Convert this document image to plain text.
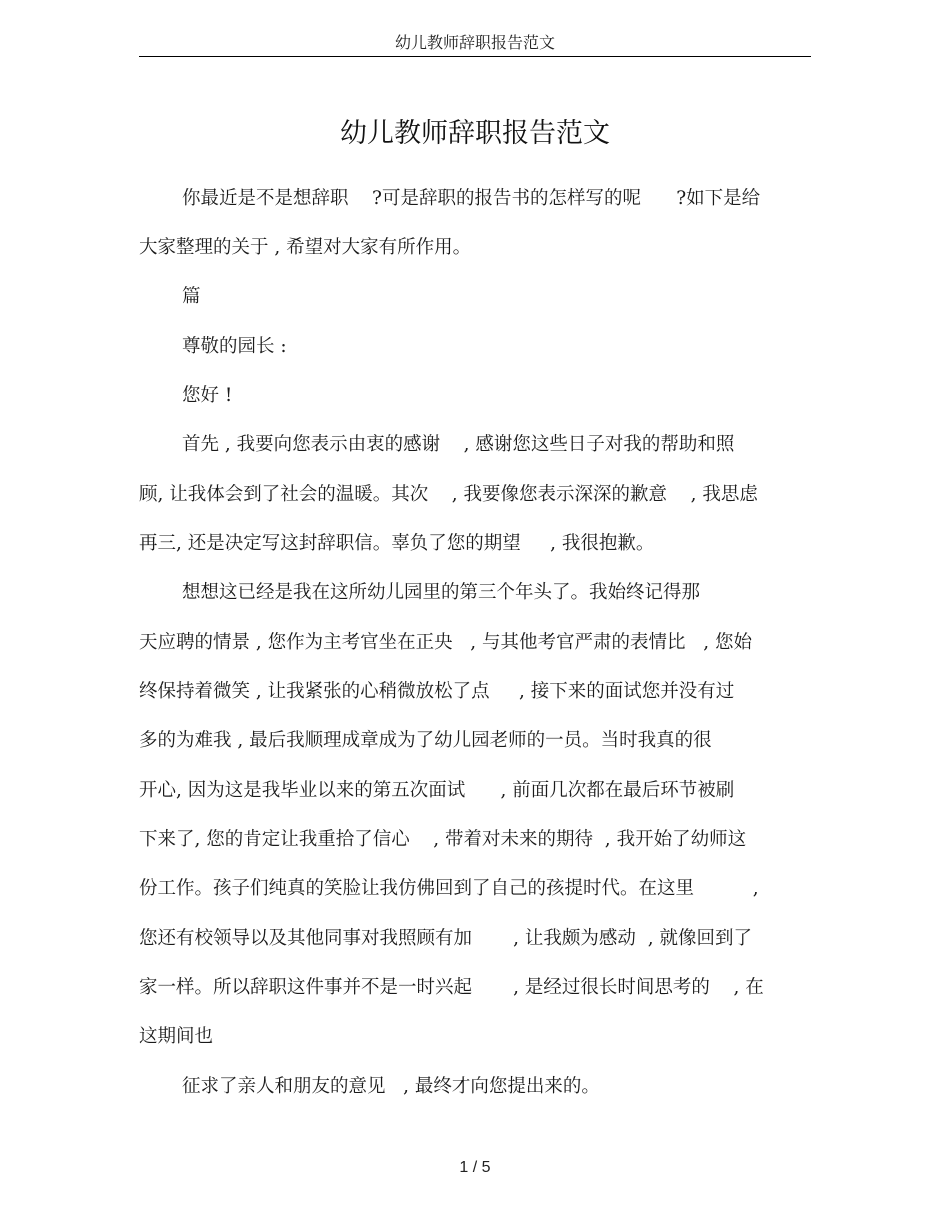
幼儿教师辞职报告范文
幼儿教师辞职报告范文
你最近是不是想辞职    ?可是辞职的报告书的怎样写的呢      ?如下是给
大家整理的关于 , 希望对大家有所作用。
篇
尊敬的园长 :
您好 !
首先 , 我要向您表示由衷的感谢    , 感谢您这些日子对我的帮助和照
顾, 让我体会到了社会的温暖。其次    , 我要像您表示深深的歉意    , 我思虑
再三, 还是决定写这封辞职信。辜负了您的期望     , 我很抱歉。
想想这已经是我在这所幼儿园里的第三个年头了。我始终记得那
天应聘的情景 , 您作为主考官坐在正央   , 与其他考官严肃的表情比   , 您始
终保持着微笑 , 让我紧张的心稍微放松了点     , 接下来的面试您并没有过
多的为难我 , 最后我顺理成章成为了幼儿园老师的一员。当时我真的很
开心, 因为这是我毕业以来的第五次面试      , 前面几次都在最后环节被刷
下来了, 您的肯定让我重拾了信心    , 带着对未来的期待  , 我开始了幼师这
份工作。孩子们纯真的笑脸让我仿佛回到了自己的孩提时代。在这里          ,
您还有校领导以及其他同事对我照顾有加       , 让我颇为感动  , 就像回到了
家一样。所以辞职这件事并不是一时兴起       , 是经过很长时间思考的    , 在
这期间也
征求了亲人和朋友的意见   , 最终才向您提出来的。
1 / 5
